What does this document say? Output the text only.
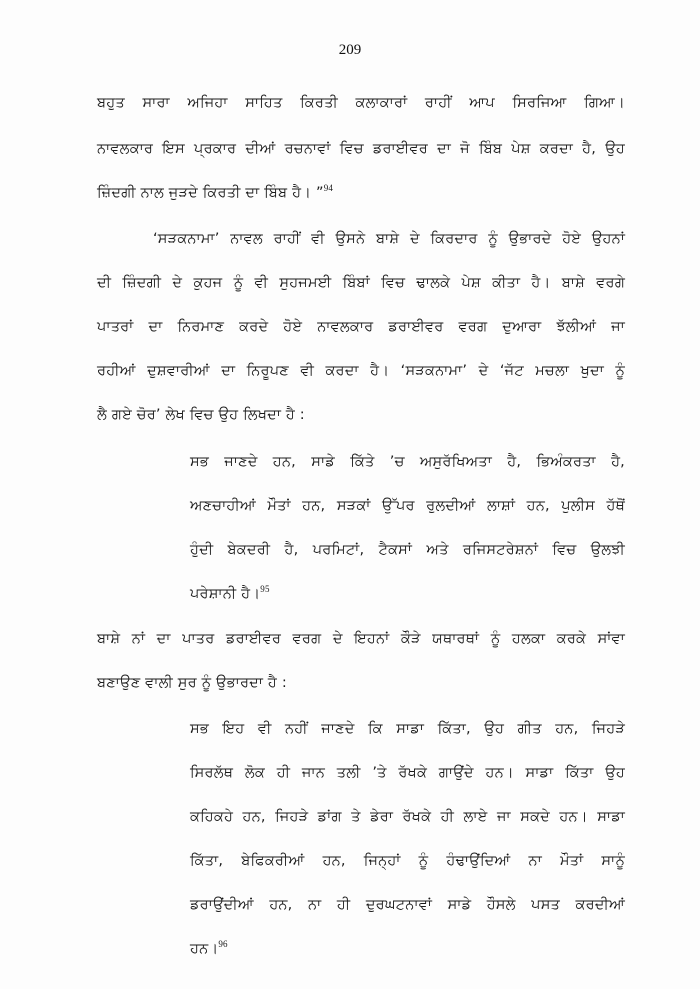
209
ਬਹੁਤ ਸਾਰਾ ਅਜਿਹਾ ਸਾਹਿਤ ਕਿਰਤੀ ਕਲਾਕਾਰਾਂ ਰਾਹੀਂ ਆਪ ਸਿਰਜਿਆ ਗਿਆ।
ਨਾਵਲਕਾਰ ਇਸ ਪ੍ਰਕਾਰ ਦੀਆਂ ਰਚਨਾਵਾਂ ਵਿਚ ਡਰਾਈਵਰ ਦਾ ਜੋ ਬਿੰਬ ਪੇਸ਼ ਕਰਦਾ ਹੈ, ਉਹ
ਜ਼ਿੰਦਗੀ ਨਾਲ ਜੁੜਦੇ ਕਿਰਤੀ ਦਾ ਬਿੰਬ ਹੈ। ”$^{94}$
‘ਸੜਕਨਾਮਾ’ ਨਾਵਲ ਰਾਹੀਂ ਵੀ ਉਸਨੇ ਬਾਸ਼ੇ ਦੇ ਕਿਰਦਾਰ ਨੂੰ ਉਭਾਰਦੇ ਹੋਏ ਉਹਨਾਂ
ਦੀ ਜ਼ਿੰਦਗੀ ਦੇ ਕੁਹਜ ਨੂੰ ਵੀ ਸੁਹਜਮਈ ਬਿੰਬਾਂ ਵਿਚ ਢਾਲਕੇ ਪੇਸ਼ ਕੀਤਾ ਹੈ। ਬਾਸ਼ੇ ਵਰਗੇ
ਪਾਤਰਾਂ ਦਾ ਨਿਰਮਾਣ ਕਰਦੇ ਹੋਏ ਨਾਵਲਕਾਰ ਡਰਾਈਵਰ ਵਰਗ ਦੁਆਰਾ ਝੱਲੀਆਂ ਜਾ
ਰਹੀਆਂ ਦੁਸ਼ਵਾਰੀਆਂ ਦਾ ਨਿਰੂਪਣ ਵੀ ਕਰਦਾ ਹੈ। ‘ਸੜਕਨਾਮਾ’ ਦੇ ‘ਜੱਟ ਮਚਲਾ ਖੁਦਾ ਨੂੰ
ਲੈ ਗਏ ਚੋਰ’ ਲੇਖ ਵਿਚ ਉਹ ਲਿਖਦਾ ਹੈ :
ਸਭ ਜਾਣਦੇ ਹਨ, ਸਾਡੇ ਕਿੱਤੇ ’ਚ ਅਸੁਰੱਖਿਅਤਾ ਹੈ, ਭਿਅੰਕਰਤਾ ਹੈ,
ਅਣਚਾਹੀਆਂ ਮੌਤਾਂ ਹਨ, ਸੜਕਾਂ ਉੱਪਰ ਰੁਲਦੀਆਂ ਲਾਸ਼ਾਂ ਹਨ, ਪੁਲੀਸ ਹੱਥੋਂ
ਹੁੰਦੀ ਬੇਕਦਰੀ ਹੈ, ਪਰਮਿਟਾਂ, ਟੈਕਸਾਂ ਅਤੇ ਰਜਿਸਟਰੇਸ਼ਨਾਂ ਵਿਚ ਉਲਝੀ
ਪਰੇਸ਼ਾਨੀ ਹੈ।$^{95}$
ਬਾਸ਼ੇ ਨਾਂ ਦਾ ਪਾਤਰ ਡਰਾਈਵਰ ਵਰਗ ਦੇ ਇਹਨਾਂ ਕੌੜੇ ਯਥਾਰਥਾਂ ਨੂੰ ਹਲਕਾ ਕਰਕੇ ਸਾਂਵਾ
ਬਣਾਉਣ ਵਾਲੀ ਸੁਰ ਨੂੰ ਉਭਾਰਦਾ ਹੈ :
ਸਭ ਇਹ ਵੀ ਨਹੀਂ ਜਾਣਦੇ ਕਿ ਸਾਡਾ ਕਿੱਤਾ, ਉਹ ਗੀਤ ਹਨ, ਜਿਹੜੇ
ਸਿਰਲੱਥ ਲੋਕ ਹੀ ਜਾਨ ਤਲੀ ’ਤੇ ਰੱਖਕੇ ਗਾਉਂਦੇ ਹਨ। ਸਾਡਾ ਕਿੱਤਾ ਉਹ
ਕਹਿਕਹੇ ਹਨ, ਜਿਹੜੇ ਡਾਂਗ ਤੇ ਡੇਰਾ ਰੱਖਕੇ ਹੀ ਲਾਏ ਜਾ ਸਕਦੇ ਹਨ। ਸਾਡਾ
ਕਿੱਤਾ, ਬੇਫਿਕਰੀਆਂ ਹਨ, ਜਿਨ੍ਹਾਂ ਨੂੰ ਹੰਢਾਉਂਦਿਆਂ ਨਾ ਮੌਤਾਂ ਸਾਨੂੰ
ਡਰਾਉਂਦੀਆਂ ਹਨ, ਨਾ ਹੀ ਦੁਰਘਟਨਾਵਾਂ ਸਾਡੇ ਹੌਸਲੇ ਪਸਤ ਕਰਦੀਆਂ
ਹਨ।$^{96}$
